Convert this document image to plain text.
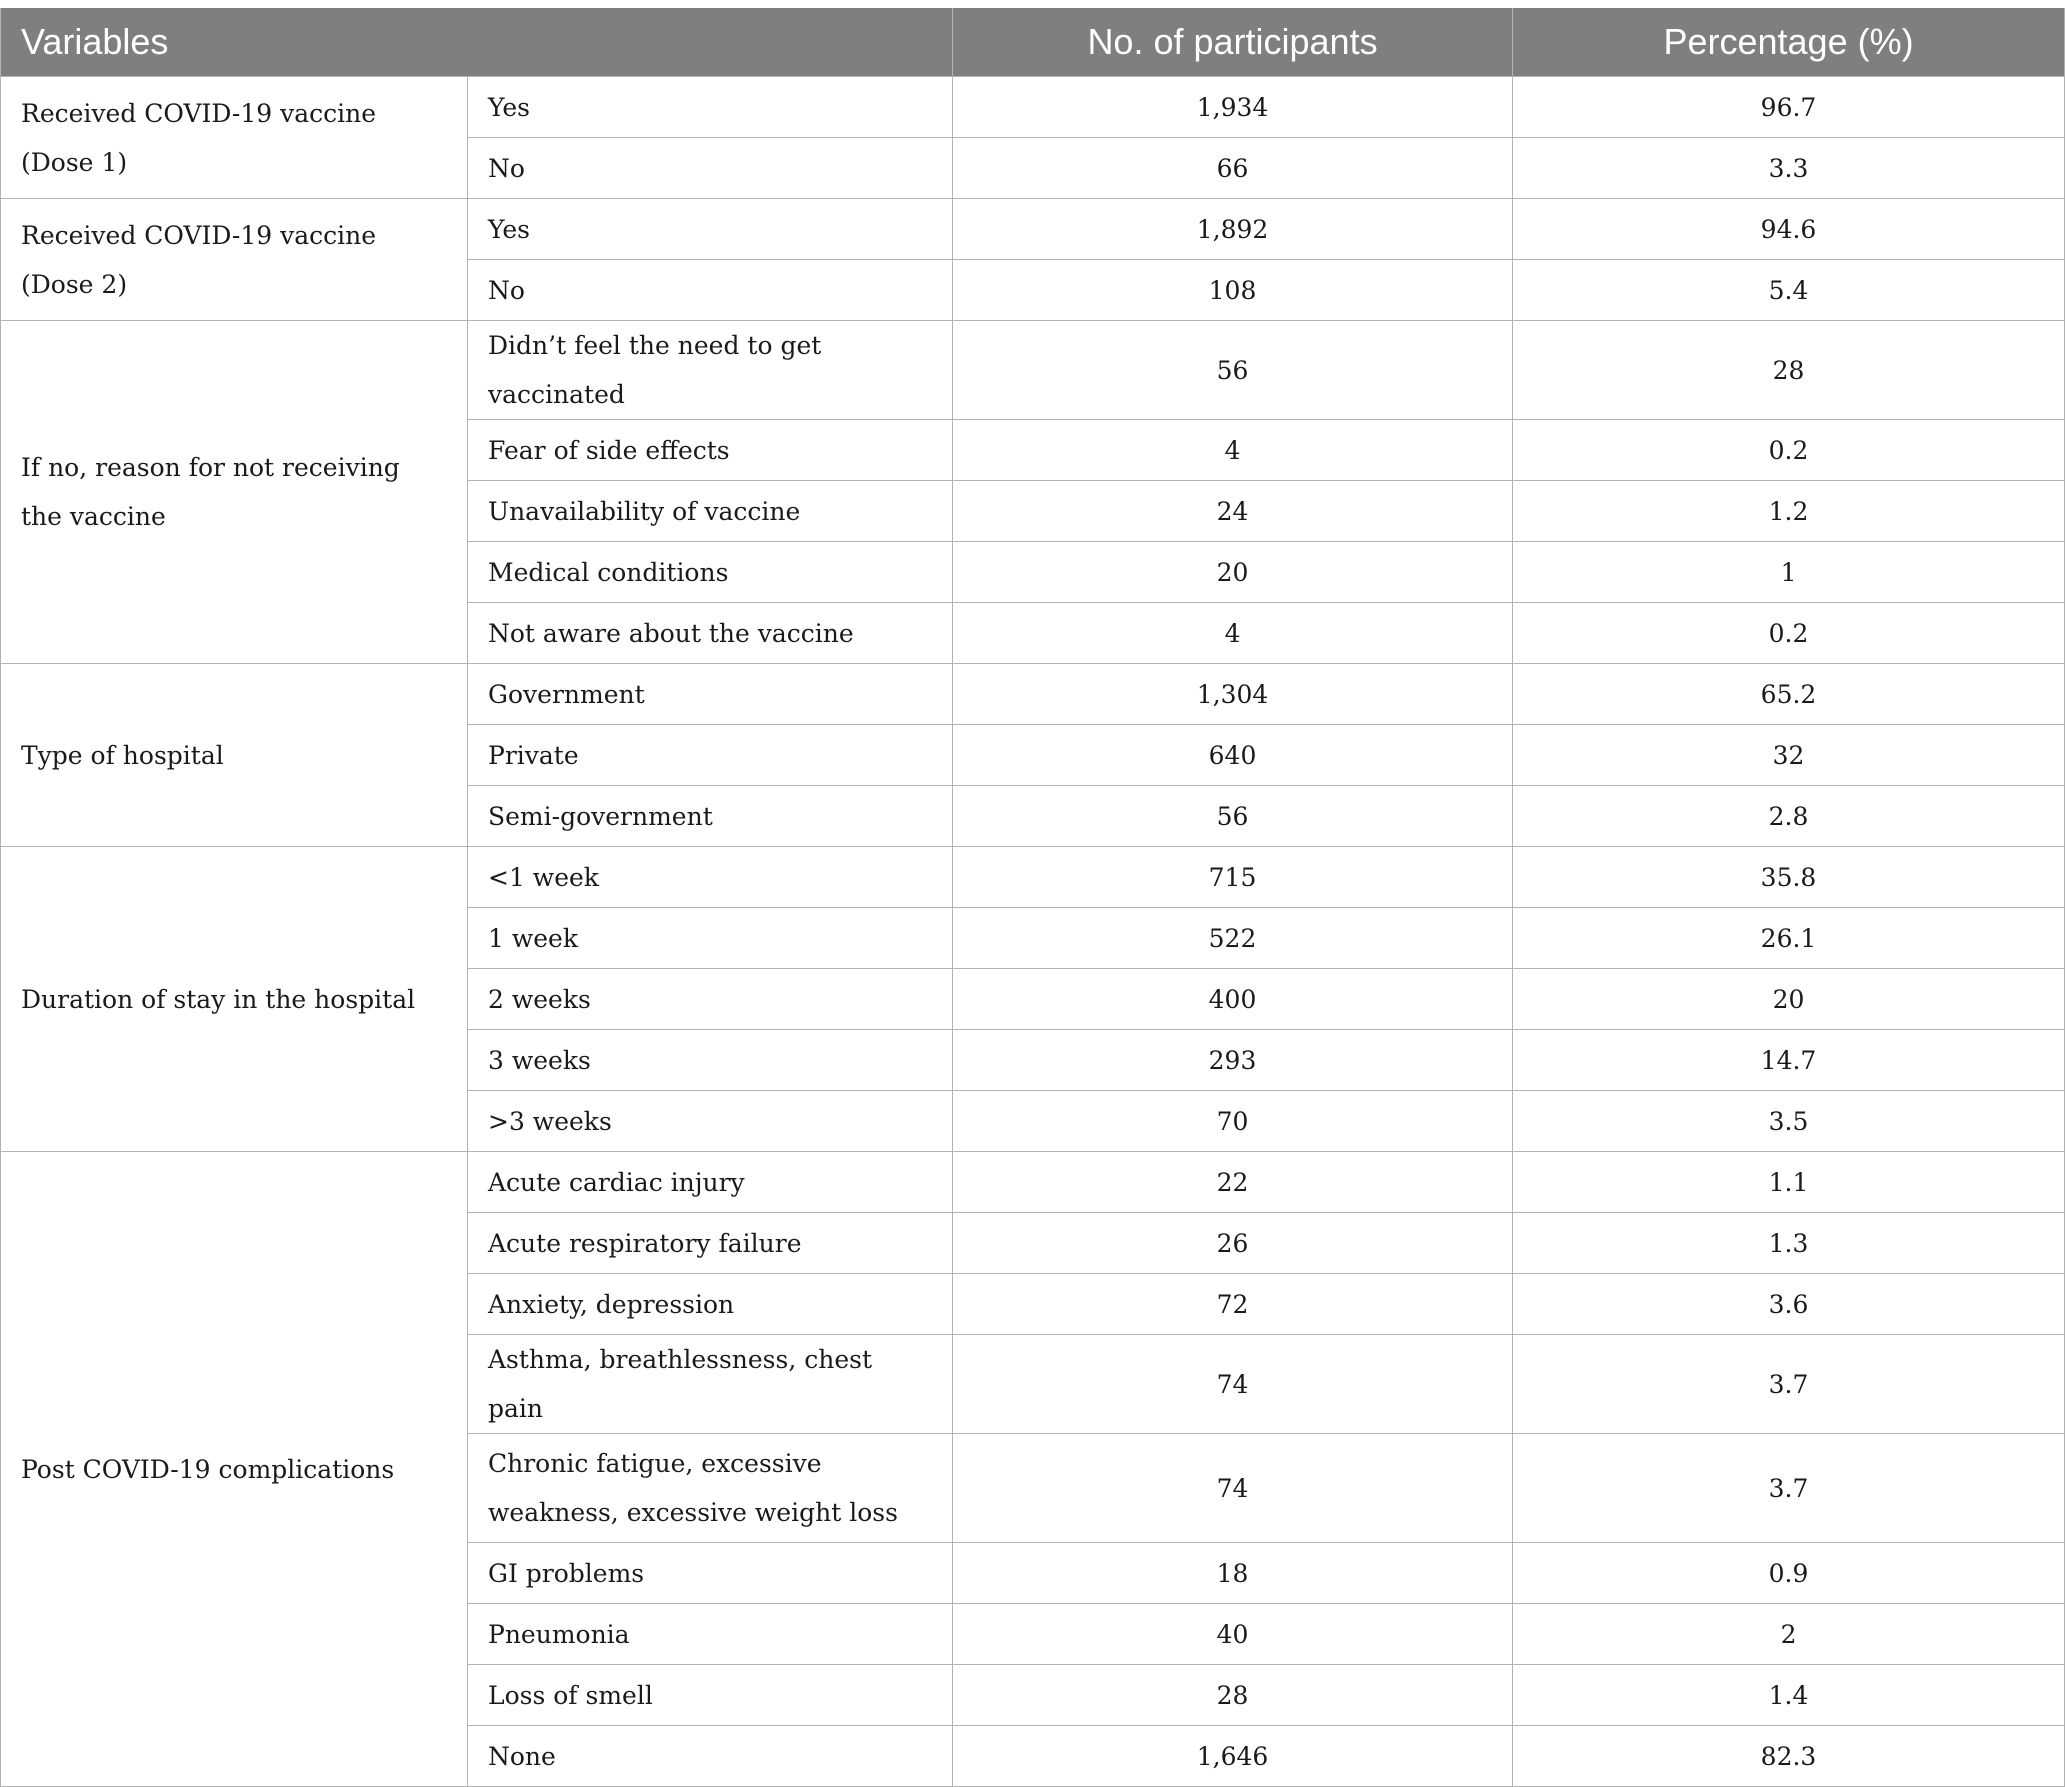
Variables		No. of participants	Percentage (%)
Received COVID-19 vaccine (Dose 1)	Yes	1,934	96.7
	No	66	3.3
Received COVID-19 vaccine (Dose 2)	Yes	1,892	94.6
	No	108	5.4
If no, reason for not receiving the vaccine	Didn’t feel the need to get vaccinated	56	28
	Fear of side effects	4	0.2
	Unavailability of vaccine	24	1.2
	Medical conditions	20	1
	Not aware about the vaccine	4	0.2
Type of hospital	Government	1,304	65.2
	Private	640	32
	Semi-government	56	2.8
Duration of stay in the hospital	<1 week	715	35.8
	1 week	522	26.1
	2 weeks	400	20
	3 weeks	293	14.7
	>3 weeks	70	3.5
Post COVID-19 complications	Acute cardiac injury	22	1.1
	Acute respiratory failure	26	1.3
	Anxiety, depression	72	3.6
	Asthma, breathlessness, chest pain	74	3.7
	Chronic fatigue, excessive weakness, excessive weight loss	74	3.7
	GI problems	18	0.9
	Pneumonia	40	2
	Loss of smell	28	1.4
	None	1,646	82.3
